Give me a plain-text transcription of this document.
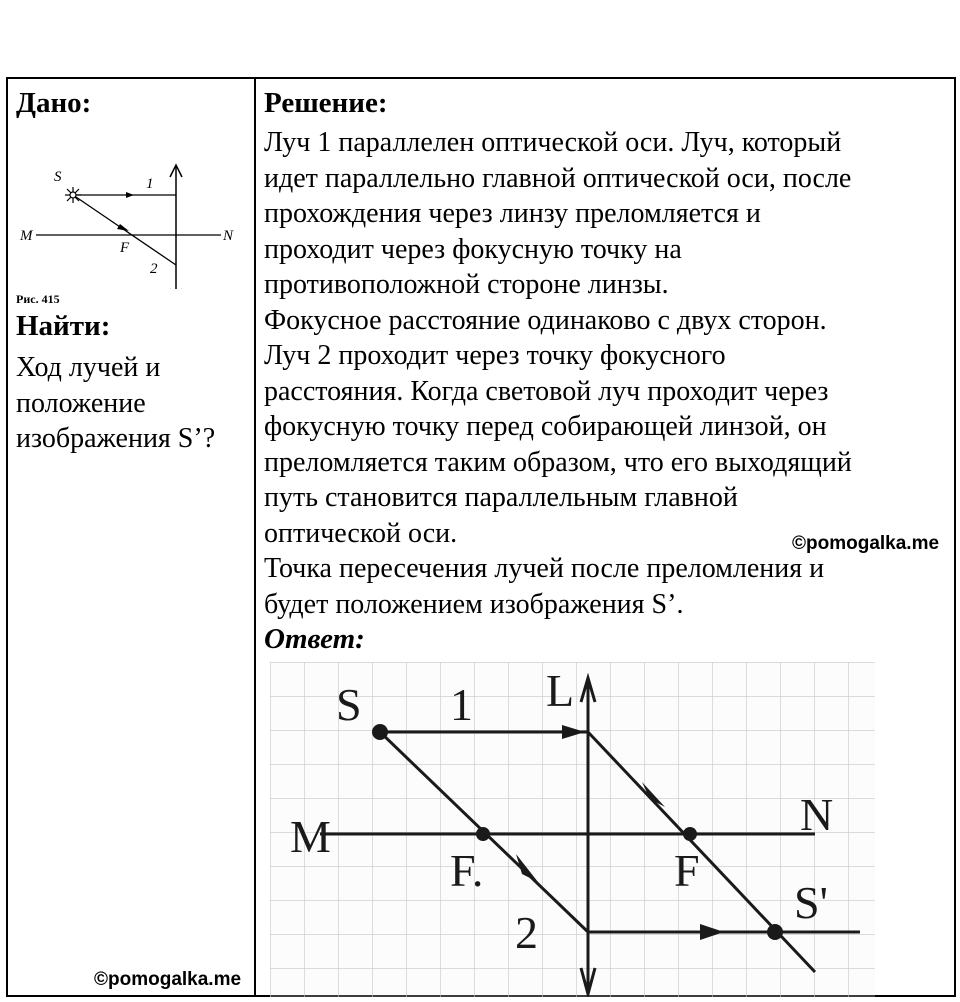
Дано:
S	1
M
F
N
2
Рис. 415
Найти:
Ход лучей и
положение
изображения S’?
©pomogalka.me
Решение:
Луч 1 параллелен оптической оси. Луч, который
идет параллельно главной оптической оси, после
прохождения через линзу преломляется и
проходит через фокусную точку на
противоположной стороне линзы.
Фокусное расстояние одинаково с двух сторон.
Луч 2 проходит через точку фокусного
расстояния. Когда световой луч проходит через
фокусную точку перед собирающей линзой, он
преломляется таким образом, что его выходящий
путь становится параллельным главной
оптической оси.
Точка пересечения лучей после преломления и
будет положением изображения S’.
Ответ:
©pomogalka.me
S 1 L
M	N
F.	F
2
S'
